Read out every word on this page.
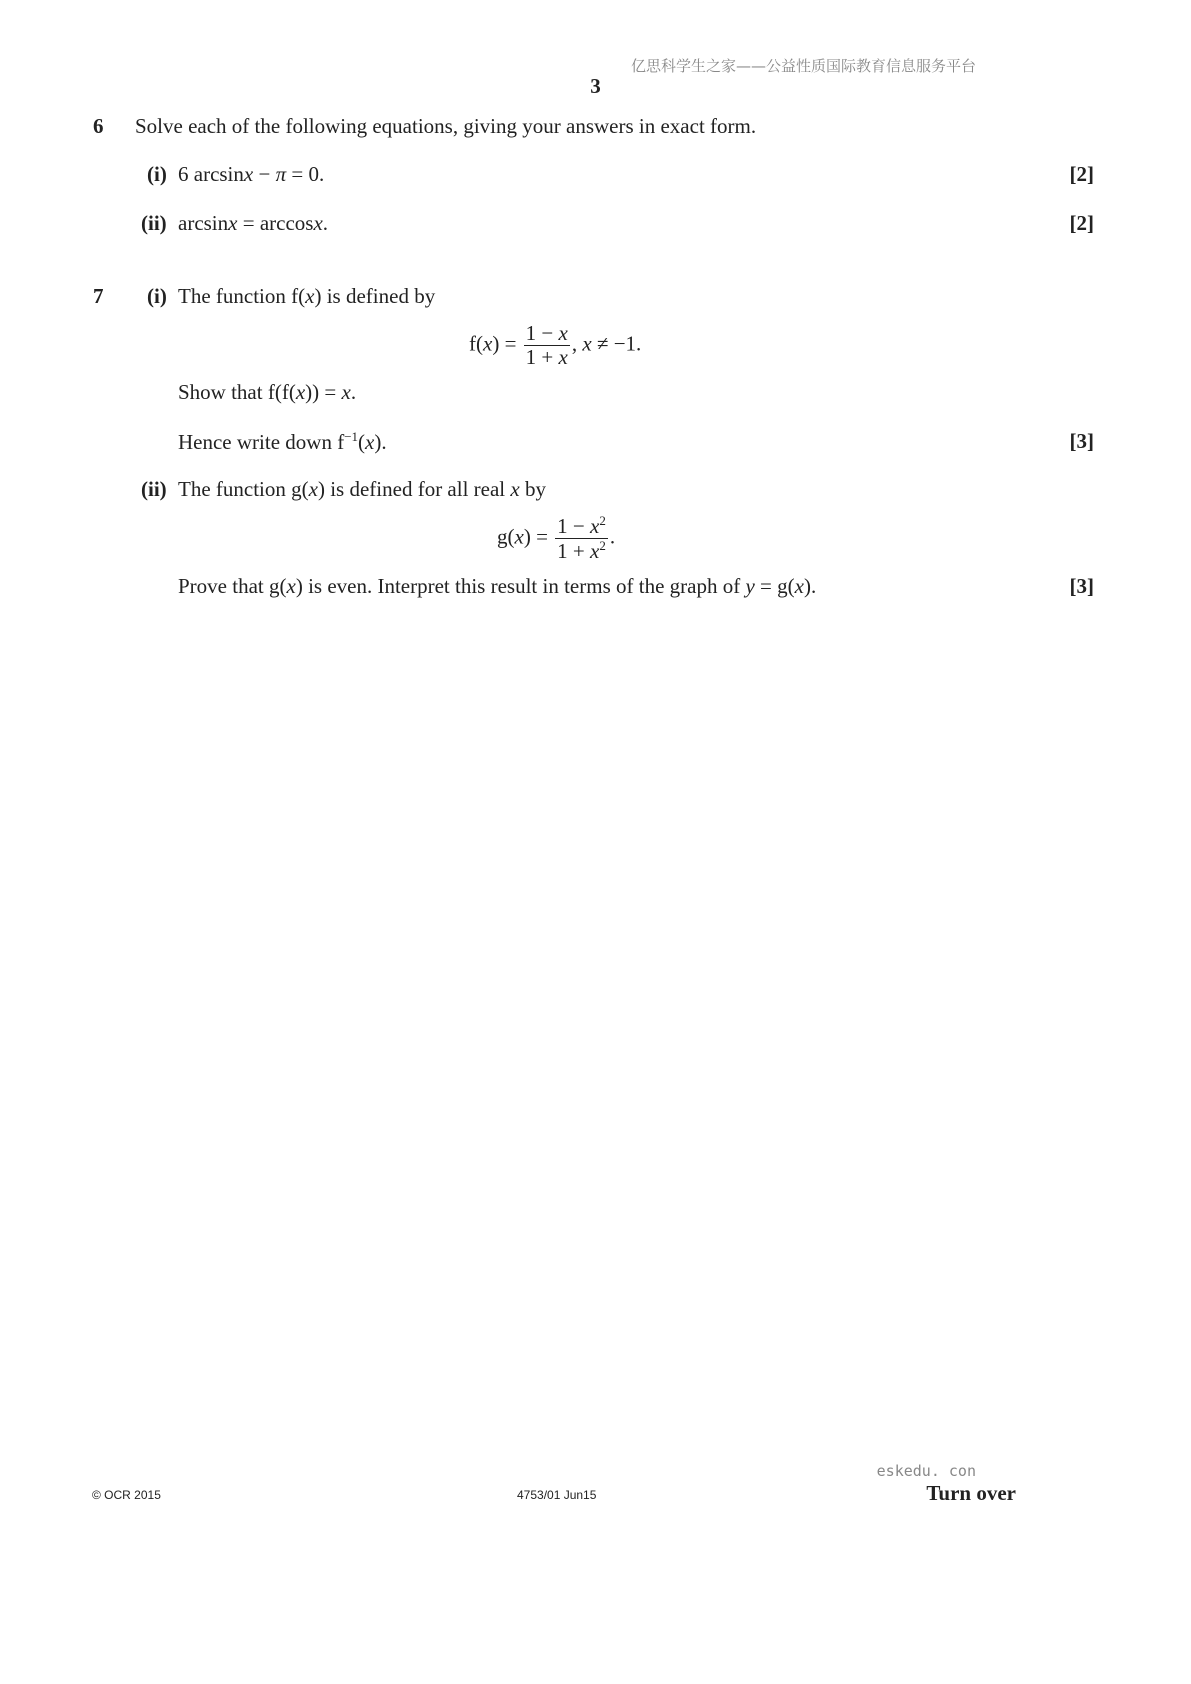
亿思科学生之家——公益性质国际教育信息服务平台
3
6 Solve each of the following equations, giving your answers in exact form.
(i) 6 arcsinx − π = 0.	[2]
(ii) arcsinx = arccosx.	[2]
7 (i) The function f(x) is defined by
$f(x) = \frac{1 - x}{1 + x}$ , x ≠ −1.
Show that f(f(x)) = x.
Hence write down $f^{-1}(x)$.	[3]
(ii) The function g(x) is defined for all real x by
$g(x) = \frac{1 - x^2}{1 + x^2}$ .
Prove that g(x) is even. Interpret this result in terms of the graph of y = g(x).	[3]
eskedu. con
© OCR 2015	4753/01 Jun15	Turn over
